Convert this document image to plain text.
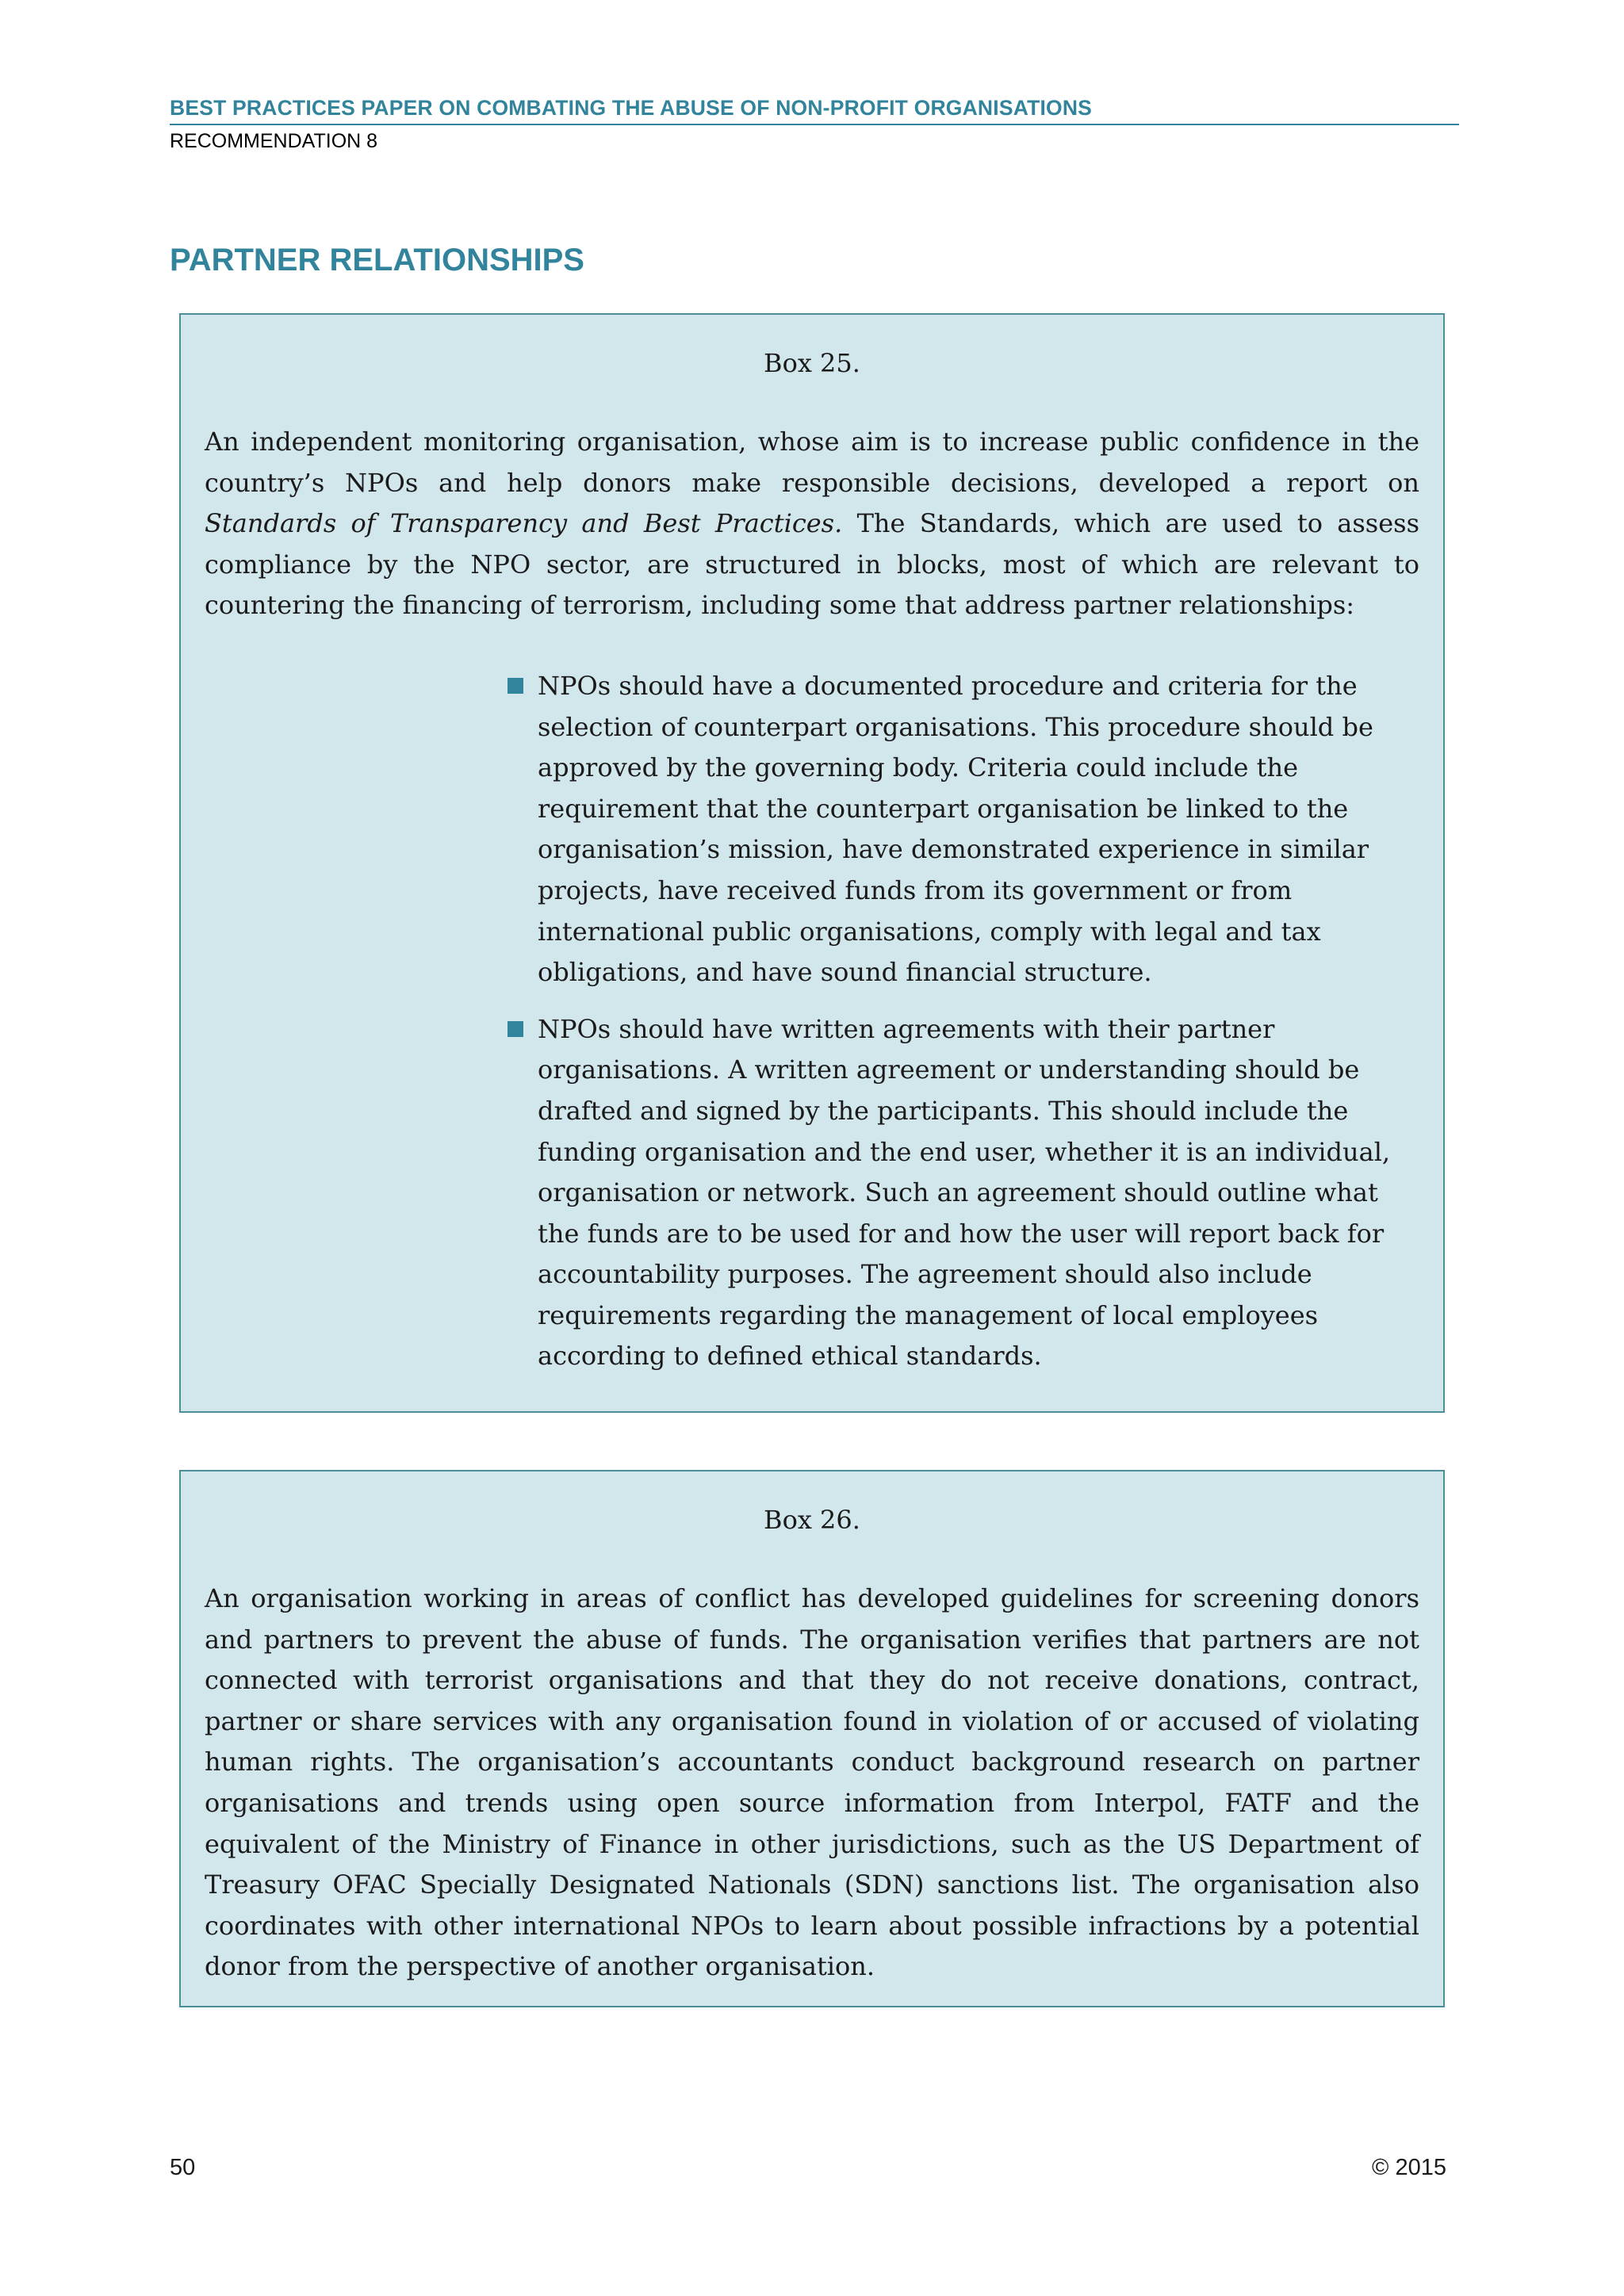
BEST PRACTICES PAPER ON COMBATING THE ABUSE OF NON-PROFIT ORGANISATIONS
RECOMMENDATION 8
PARTNER RELATIONSHIPS

Box 25.

An independent monitoring organisation, whose aim is to increase public confidence in the country’s NPOs and help donors make responsible decisions, developed a report on Standards of Transparency and Best Practices. The Standards, which are used to assess compliance by the NPO sector, are structured in blocks, most of which are relevant to countering the financing of terrorism, including some that address partner relationships:

NPOs should have a documented procedure and criteria for the selection of counterpart organisations. This procedure should be approved by the governing body. Criteria could include the requirement that the counterpart organisation be linked to the organisation’s mission, have demonstrated experience in similar projects, have received funds from its government or from international public organisations, comply with legal and tax obligations, and have sound financial structure.
NPOs should have written agreements with their partner organisations. A written agreement or understanding should be drafted and signed by the participants. This should include the funding organisation and the end user, whether it is an individual, organisation or network. Such an agreement should outline what the funds are to be used for and how the user will report back for accountability purposes. The agreement should also include requirements regarding the management of local employees according to defined ethical standards.

Box 26.

An organisation working in areas of conflict has developed guidelines for screening donors and partners to prevent the abuse of funds. The organisation verifies that partners are not connected with terrorist organisations and that they do not receive donations, contract, partner or share services with any organisation found in violation of or accused of violating human rights. The organisation’s accountants conduct background research on partner organisations and trends using open source information from Interpol, FATF and the equivalent of the Ministry of Finance in other jurisdictions, such as the US Department of Treasury OFAC Specially Designated Nationals (SDN) sanctions list. The organisation also coordinates with other international NPOs to learn about possible infractions by a potential donor from the perspective of another organisation.

50	© 2015
